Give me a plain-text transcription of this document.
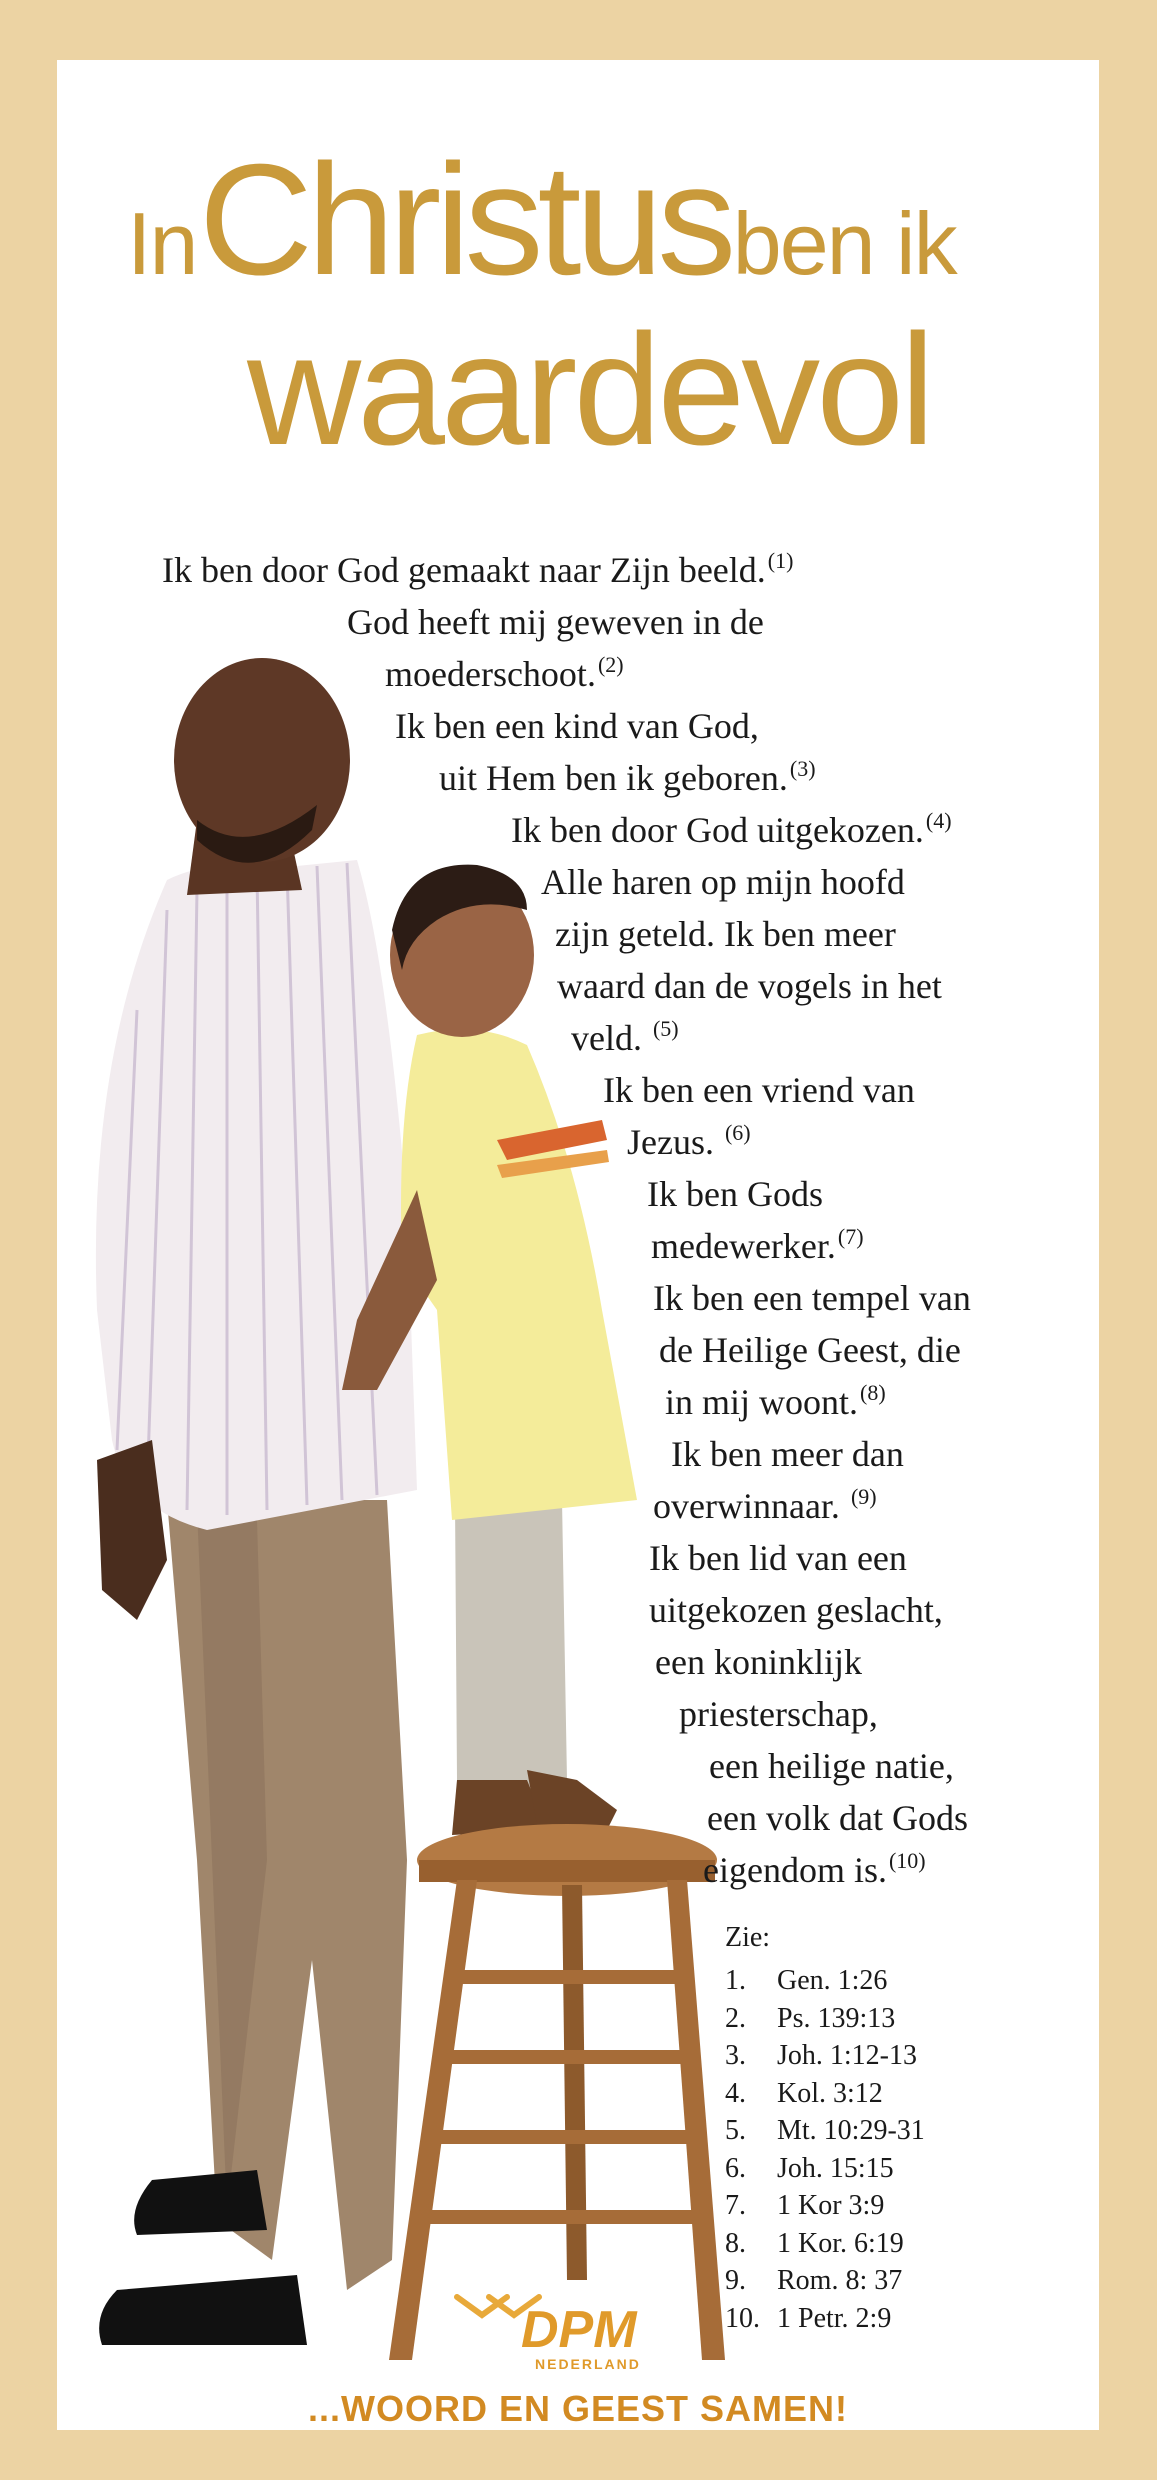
In Christus ben ik
waardevol
Ik ben door God gemaakt naar Zijn beeld.$^{(1)}$
God heeft mij geweven in de
moederschoot.$^{(2)}$
Ik ben een kind van God,
uit Hem ben ik geboren.$^{(3)}$
Ik ben door God uitgekozen.$^{(4)}$
Alle haren op mijn hoofd
zijn geteld. Ik ben meer
waard dan de vogels in het
veld. $^{(5)}$
Ik ben een vriend van
Jezus. $^{(6)}$
Ik ben Gods
medewerker.$^{(7)}$
Ik ben een tempel van
de Heilige Geest, die
in mij woont.$^{(8)}$
Ik ben meer dan
overwinnaar. $^{(9)}$
Ik ben lid van een
uitgekozen geslacht,
een koninklijk
priesterschap,
een heilige natie,
een volk dat Gods
eigendom is.$^{(10)}$
Zie:
1. Gen. 1:26
2. Ps. 139:13
3. Joh. 1:12-13
4. Kol. 3:12
5. Mt. 10:29-31
6. Joh. 15:15
7. 1 Kor 3:9
8. 1 Kor. 6:19
9. Rom. 8: 37
10. 1 Petr. 2:9
DPM
NEDERLAND
...WOORD EN GEEST SAMEN!
